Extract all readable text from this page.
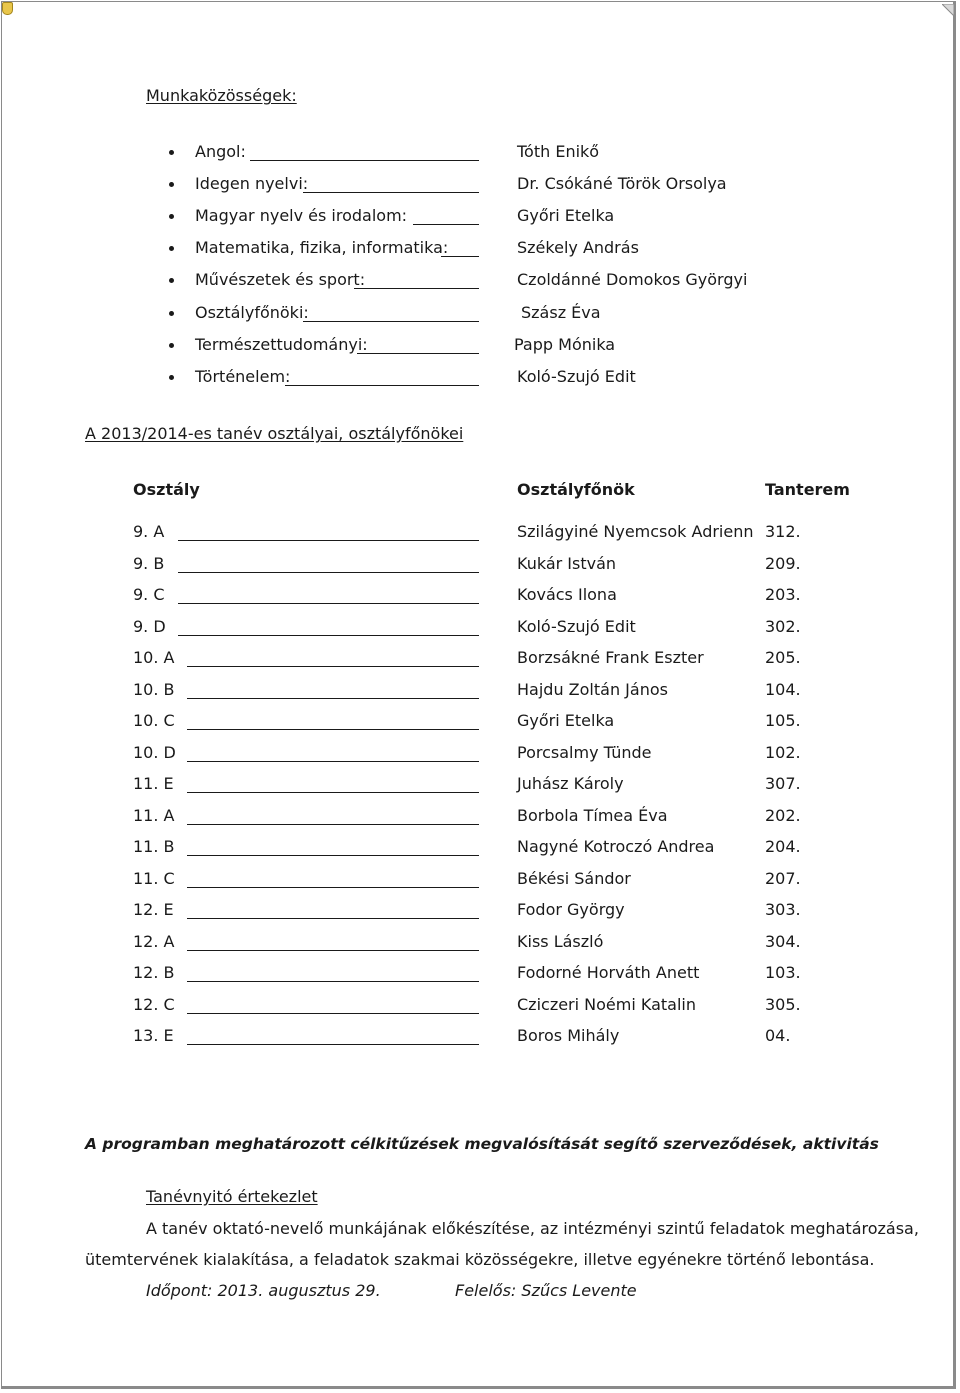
Munkaközösségek:
Angol:	Tóth Enikő
Idegen nyelvi:	Dr. Csókáné Török Orsolya
Magyar nyelv és irodalom:	Győri Etelka
Matematika, fizika, informatika:	Székely András
Művészetek és sport:	Czoldánné Domokos Györgyi
Osztályfőnöki:	Szász Éva
Természettudományi:	Papp Mónika
Történelem:	Koló-Szujó Edit
A 2013/2014-es tanév osztályai, osztályfőnökei
Osztály	Osztályfőnök	Tanterem
9. A	Szilágyiné Nyemcsok Adrienn 312.
9. B	Kukár István	209.
9. C	Kovács Ilona	203.
9. D	Koló-Szujó Edit	302.
10. A	Borzsákné Frank Eszter	205.
10. B	Hajdu Zoltán János	104.
10. C	Győri Etelka	105.
10. D	Porcsalmy Tünde	102.
11. E	Juhász Károly	307.
11. A	Borbola Tímea Éva	202.
11. B	Nagyné Kotroczó Andrea	204.
11. C	Békési Sándor	207.
12. E	Fodor György	303.
12. A	Kiss László	304.
12. B	Fodorné Horváth Anett	103.
12. C	Cziczeri Noémi Katalin	305.
13. E	Boros Mihály	04.
A programban meghatározott célkitűzések megvalósítását segítő szerveződések, aktivitás
Tanévnyitó értekezlet
A tanév oktató-nevelő munkájának előkészítése, az intézményi szintű feladatok meghatározása,
ütemtervének kialakítása, a feladatok szakmai közösségekre, illetve egyénekre történő lebontása.
Időpont: 2013. augusztus 29.	Felelős: Szűcs Levente
